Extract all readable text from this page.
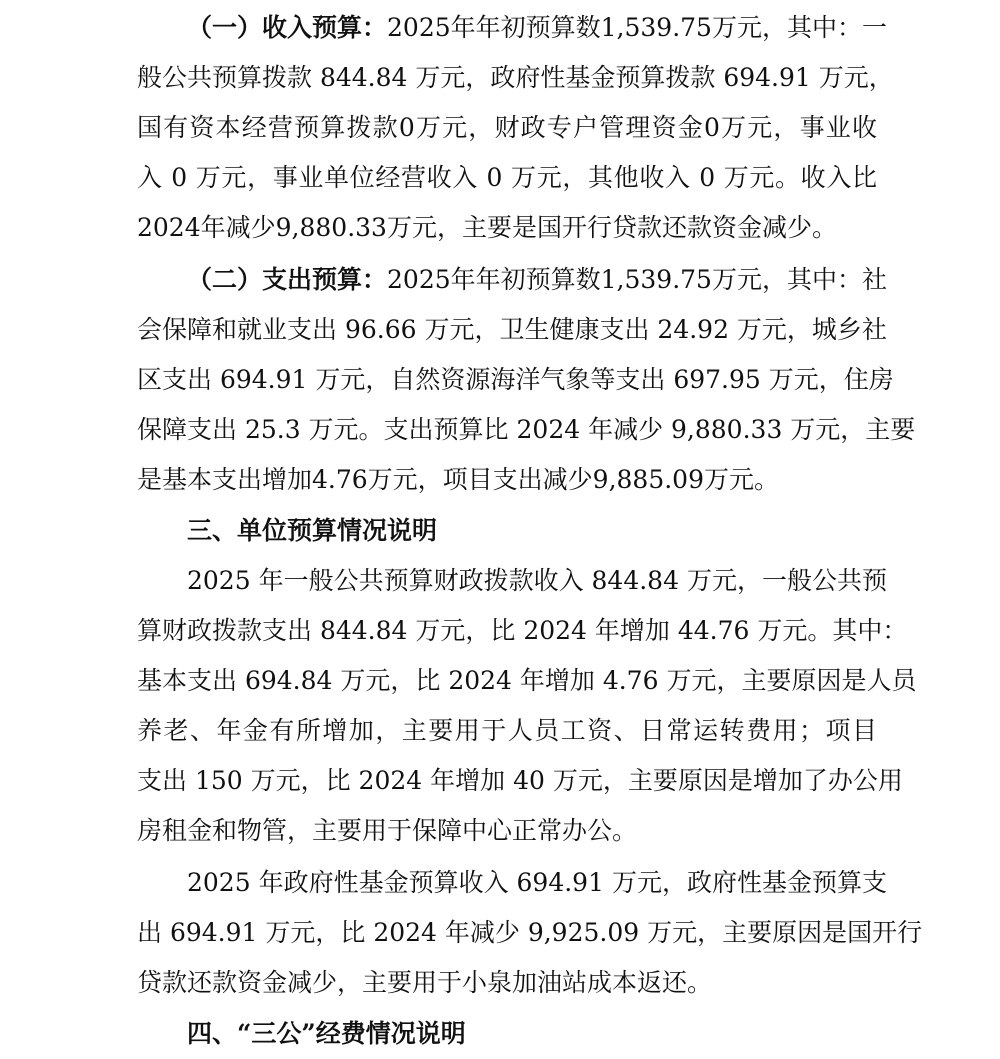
（一）收入预算：2025年年初预算数1,539.75万元，其中：一
般公共预算拨款 844.84 万元，政府性基金预算拨款 694.91 万元，
国有资本经营预算拨款0万元，财政专户管理资金0万元，事业收
入 0 万元，事业单位经营收入 0 万元，其他收入 0 万元。收入比
2024年减少9,880.33万元，主要是国开行贷款还款资金减少。
（二）支出预算：2025年年初预算数1,539.75万元，其中：社
会保障和就业支出 96.66 万元，卫生健康支出 24.92 万元，城乡社
区支出 694.91 万元，自然资源海洋气象等支出 697.95 万元，住房
保障支出 25.3 万元。支出预算比 2024 年减少 9,880.33 万元，主要
是基本支出增加4.76万元，项目支出减少9,885.09万元。
三、单位预算情况说明
2025 年一般公共预算财政拨款收入 844.84 万元，一般公共预
算财政拨款支出 844.84 万元，比 2024 年增加 44.76 万元。其中：
基本支出 694.84 万元，比 2024 年增加 4.76 万元，主要原因是人员
养老、年金有所增加，主要用于人员工资、日常运转费用；项目
支出 150 万元，比 2024 年增加 40 万元，主要原因是增加了办公用
房租金和物管，主要用于保障中心正常办公。
2025 年政府性基金预算收入 694.91 万元，政府性基金预算支
出 694.91 万元，比 2024 年减少 9,925.09 万元，主要原因是国开行
贷款还款资金减少，主要用于小泉加油站成本返还。
四、“三公”经费情况说明
